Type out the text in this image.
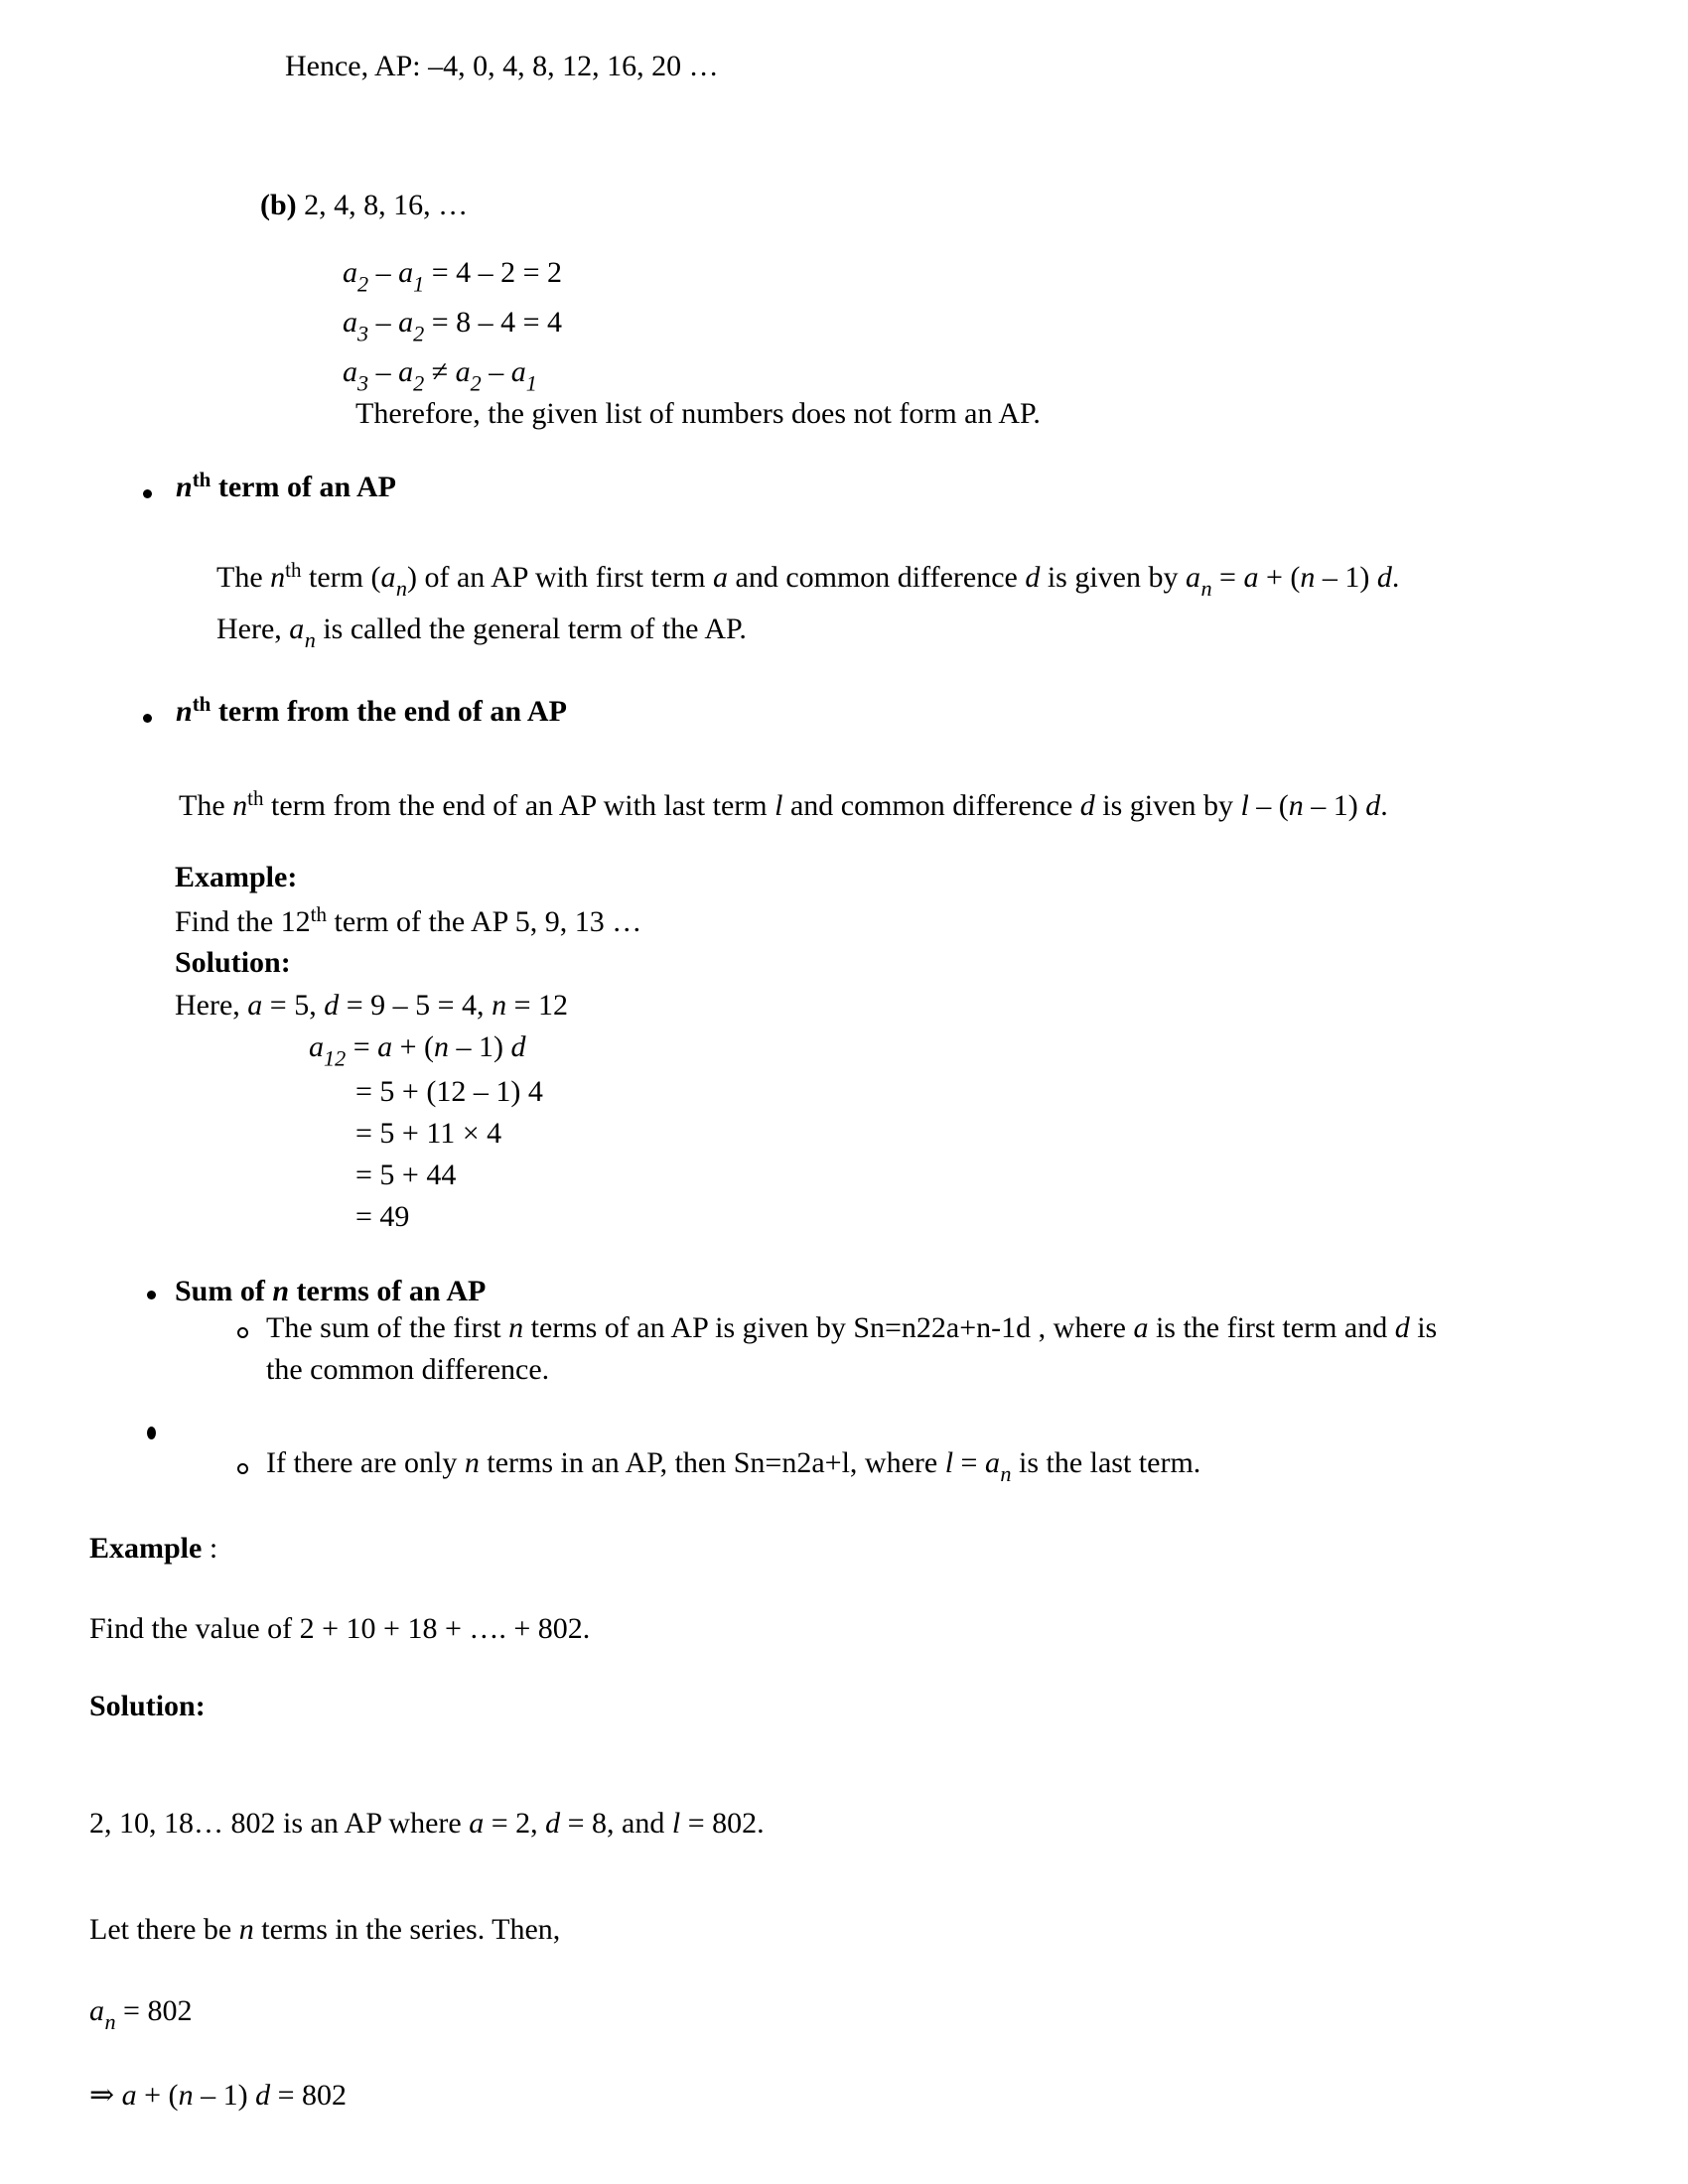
Hence, AP: –4, 0, 4, 8, 12, 16, 20 …
(b) 2, 4, 8, 16, …
$a_2 - a_1 = 4 - 2 = 2$
$a_3 - a_2 = 8 - 4 = 4$
$a_3 - a_2 \ne a_2 - a_1$
Therefore, the given list of numbers does not form an AP.
$n^{th}$ term of an AP
The $n^{th}$ term $(a_n)$ of an AP with first term a and common difference d is given by $a_n = a + (n - 1)$ d.
Here, $a_n$ is called the general term of the AP.
$n^{th}$ term from the end of an AP
The $n^{th}$ term from the end of an AP with last term l and common difference d is given by l – (n – 1) d.
Example:
Find the 12th term of the AP 5, 9, 13 …
Solution:
Here, a = 5, d = 9 – 5 = 4, n = 12
$a_{12} = a + (n - 1)$ d
= 5 + (12 – 1) 4
= 5 + 11 × 4
= 5 + 44
= 49
Sum of n terms of an AP
The sum of the first n terms of an AP is given by Sn=n22a+n-1d , where a is the first term and d is
the common difference.
If there are only n terms in an AP, then Sn=n2a+l, where $l = a_n$ is the last term.
Example :
Find the value of 2 + 10 + 18 + …. + 802.
Solution:
2, 10, 18… 802 is an AP where a = 2, d = 8, and l = 802.
Let there be n terms in the series. Then,
$a_n = 802$
⇒ a + (n – 1) d = 802
